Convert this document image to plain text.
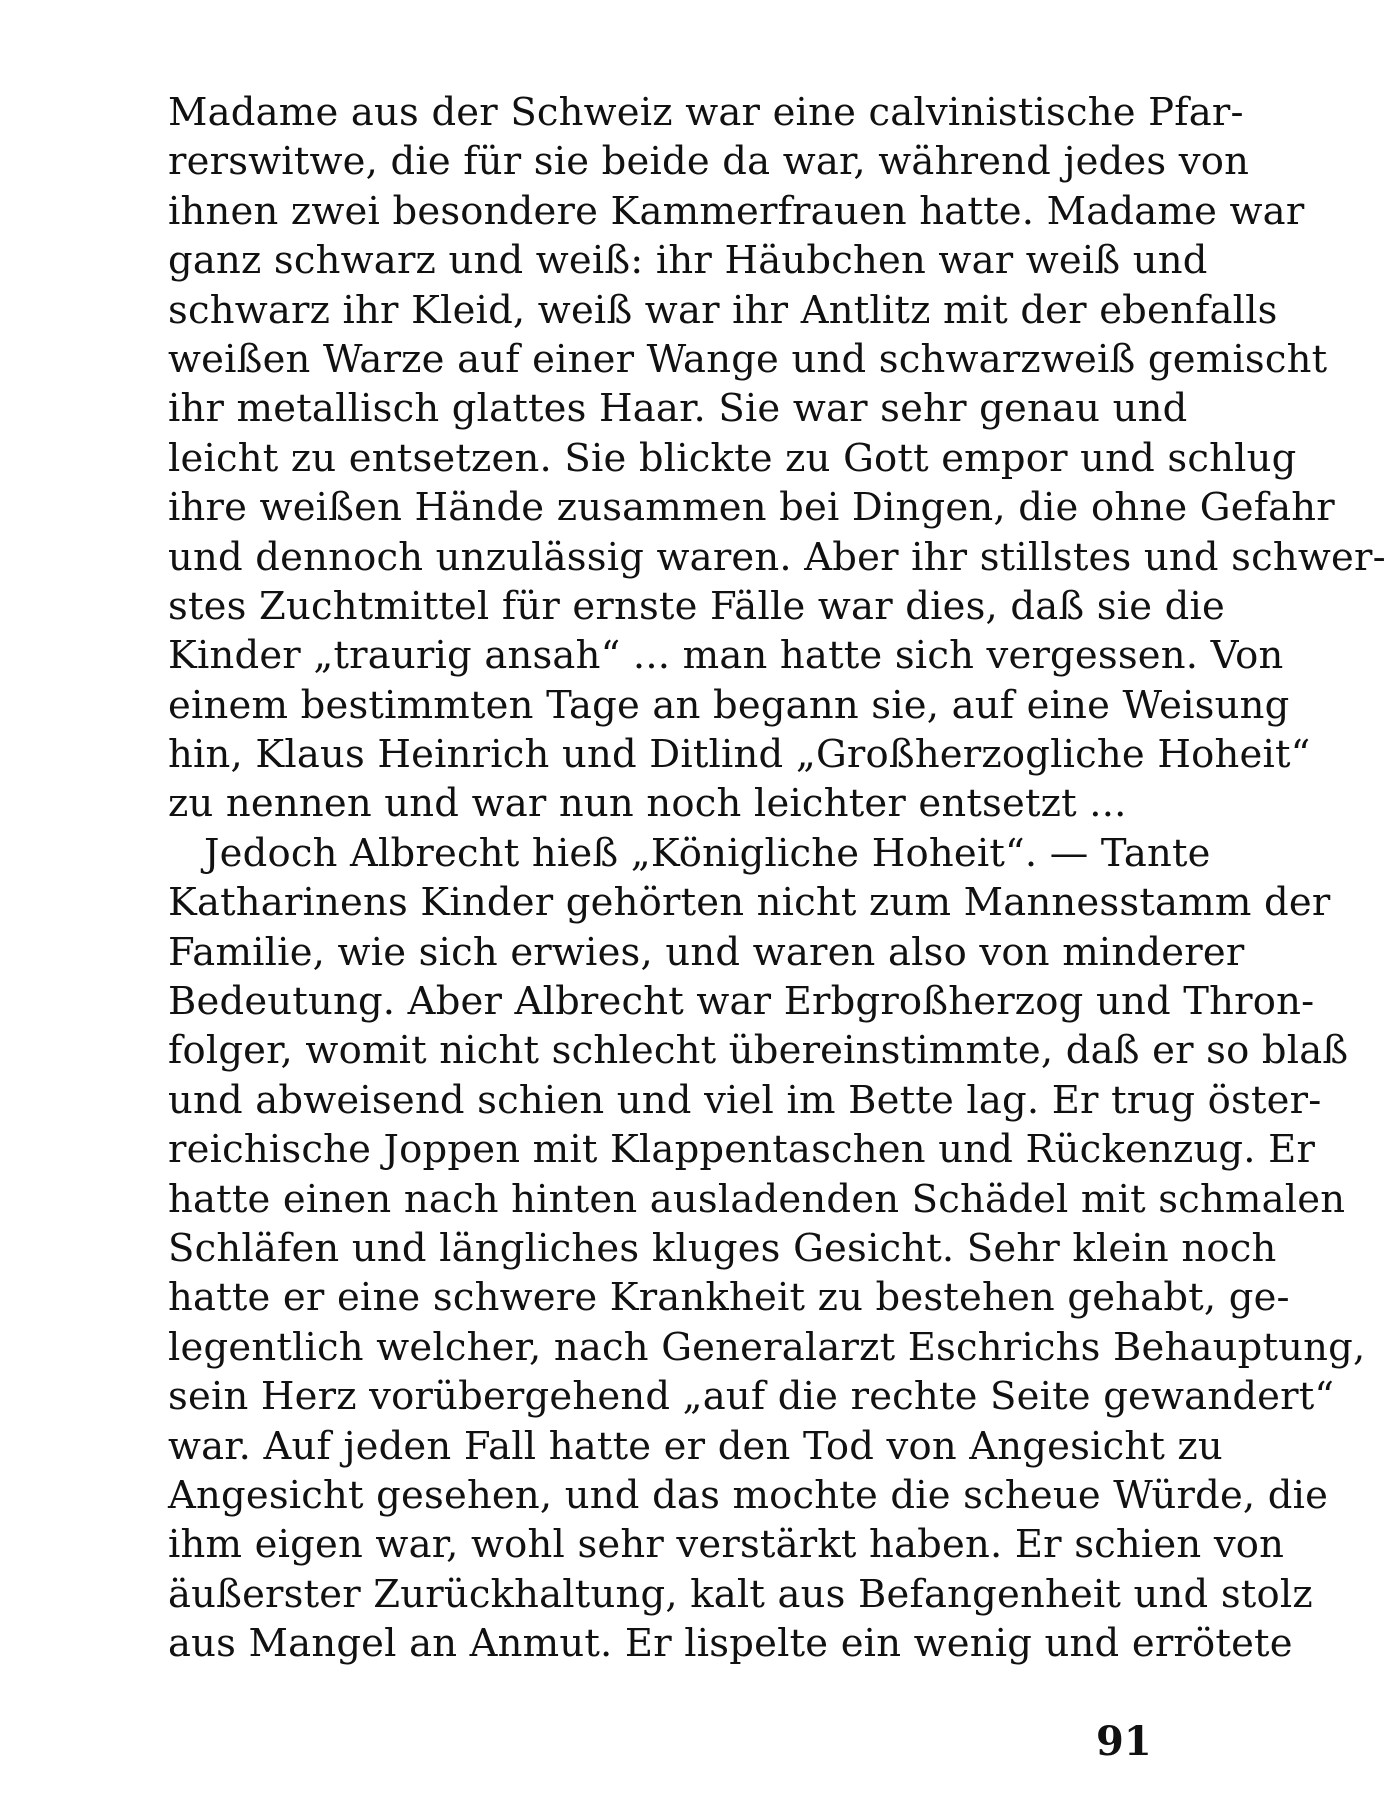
Madame aus der Schweiz war eine calvinistische Pfar-
rerswitwe, die für sie beide da war, während jedes von
ihnen zwei besondere Kammerfrauen hatte. Madame war
ganz schwarz und weiß: ihr Häubchen war weiß und
schwarz ihr Kleid, weiß war ihr Antlitz mit der ebenfalls
weißen Warze auf einer Wange und schwarzweiß gemischt
ihr metallisch glattes Haar. Sie war sehr genau und
leicht zu entsetzen. Sie blickte zu Gott empor und schlug
ihre weißen Hände zusammen bei Dingen, die ohne Gefahr
und dennoch unzulässig waren. Aber ihr stillstes und schwer-
stes Zuchtmittel für ernste Fälle war dies, daß sie die
Kinder „traurig ansah“ ... man hatte sich vergessen. Von
einem bestimmten Tage an begann sie, auf eine Weisung
hin, Klaus Heinrich und Ditlind „Großherzogliche Hoheit“
zu nennen und war nun noch leichter entsetzt ...
Jedoch Albrecht hieß „Königliche Hoheit“. — Tante
Katharinens Kinder gehörten nicht zum Mannesstamm der
Familie, wie sich erwies, und waren also von minderer
Bedeutung. Aber Albrecht war Erbgroßherzog und Thron-
folger, womit nicht schlecht übereinstimmte, daß er so blaß
und abweisend schien und viel im Bette lag. Er trug öster-
reichische Joppen mit Klappentaschen und Rückenzug. Er
hatte einen nach hinten ausladenden Schädel mit schmalen
Schläfen und längliches kluges Gesicht. Sehr klein noch
hatte er eine schwere Krankheit zu bestehen gehabt, ge-
legentlich welcher, nach Generalarzt Eschrichs Behauptung,
sein Herz vorübergehend „auf die rechte Seite gewandert“
war. Auf jeden Fall hatte er den Tod von Angesicht zu
Angesicht gesehen, und das mochte die scheue Würde, die
ihm eigen war, wohl sehr verstärkt haben. Er schien von
äußerster Zurückhaltung, kalt aus Befangenheit und stolz
aus Mangel an Anmut. Er lispelte ein wenig und errötete
91
